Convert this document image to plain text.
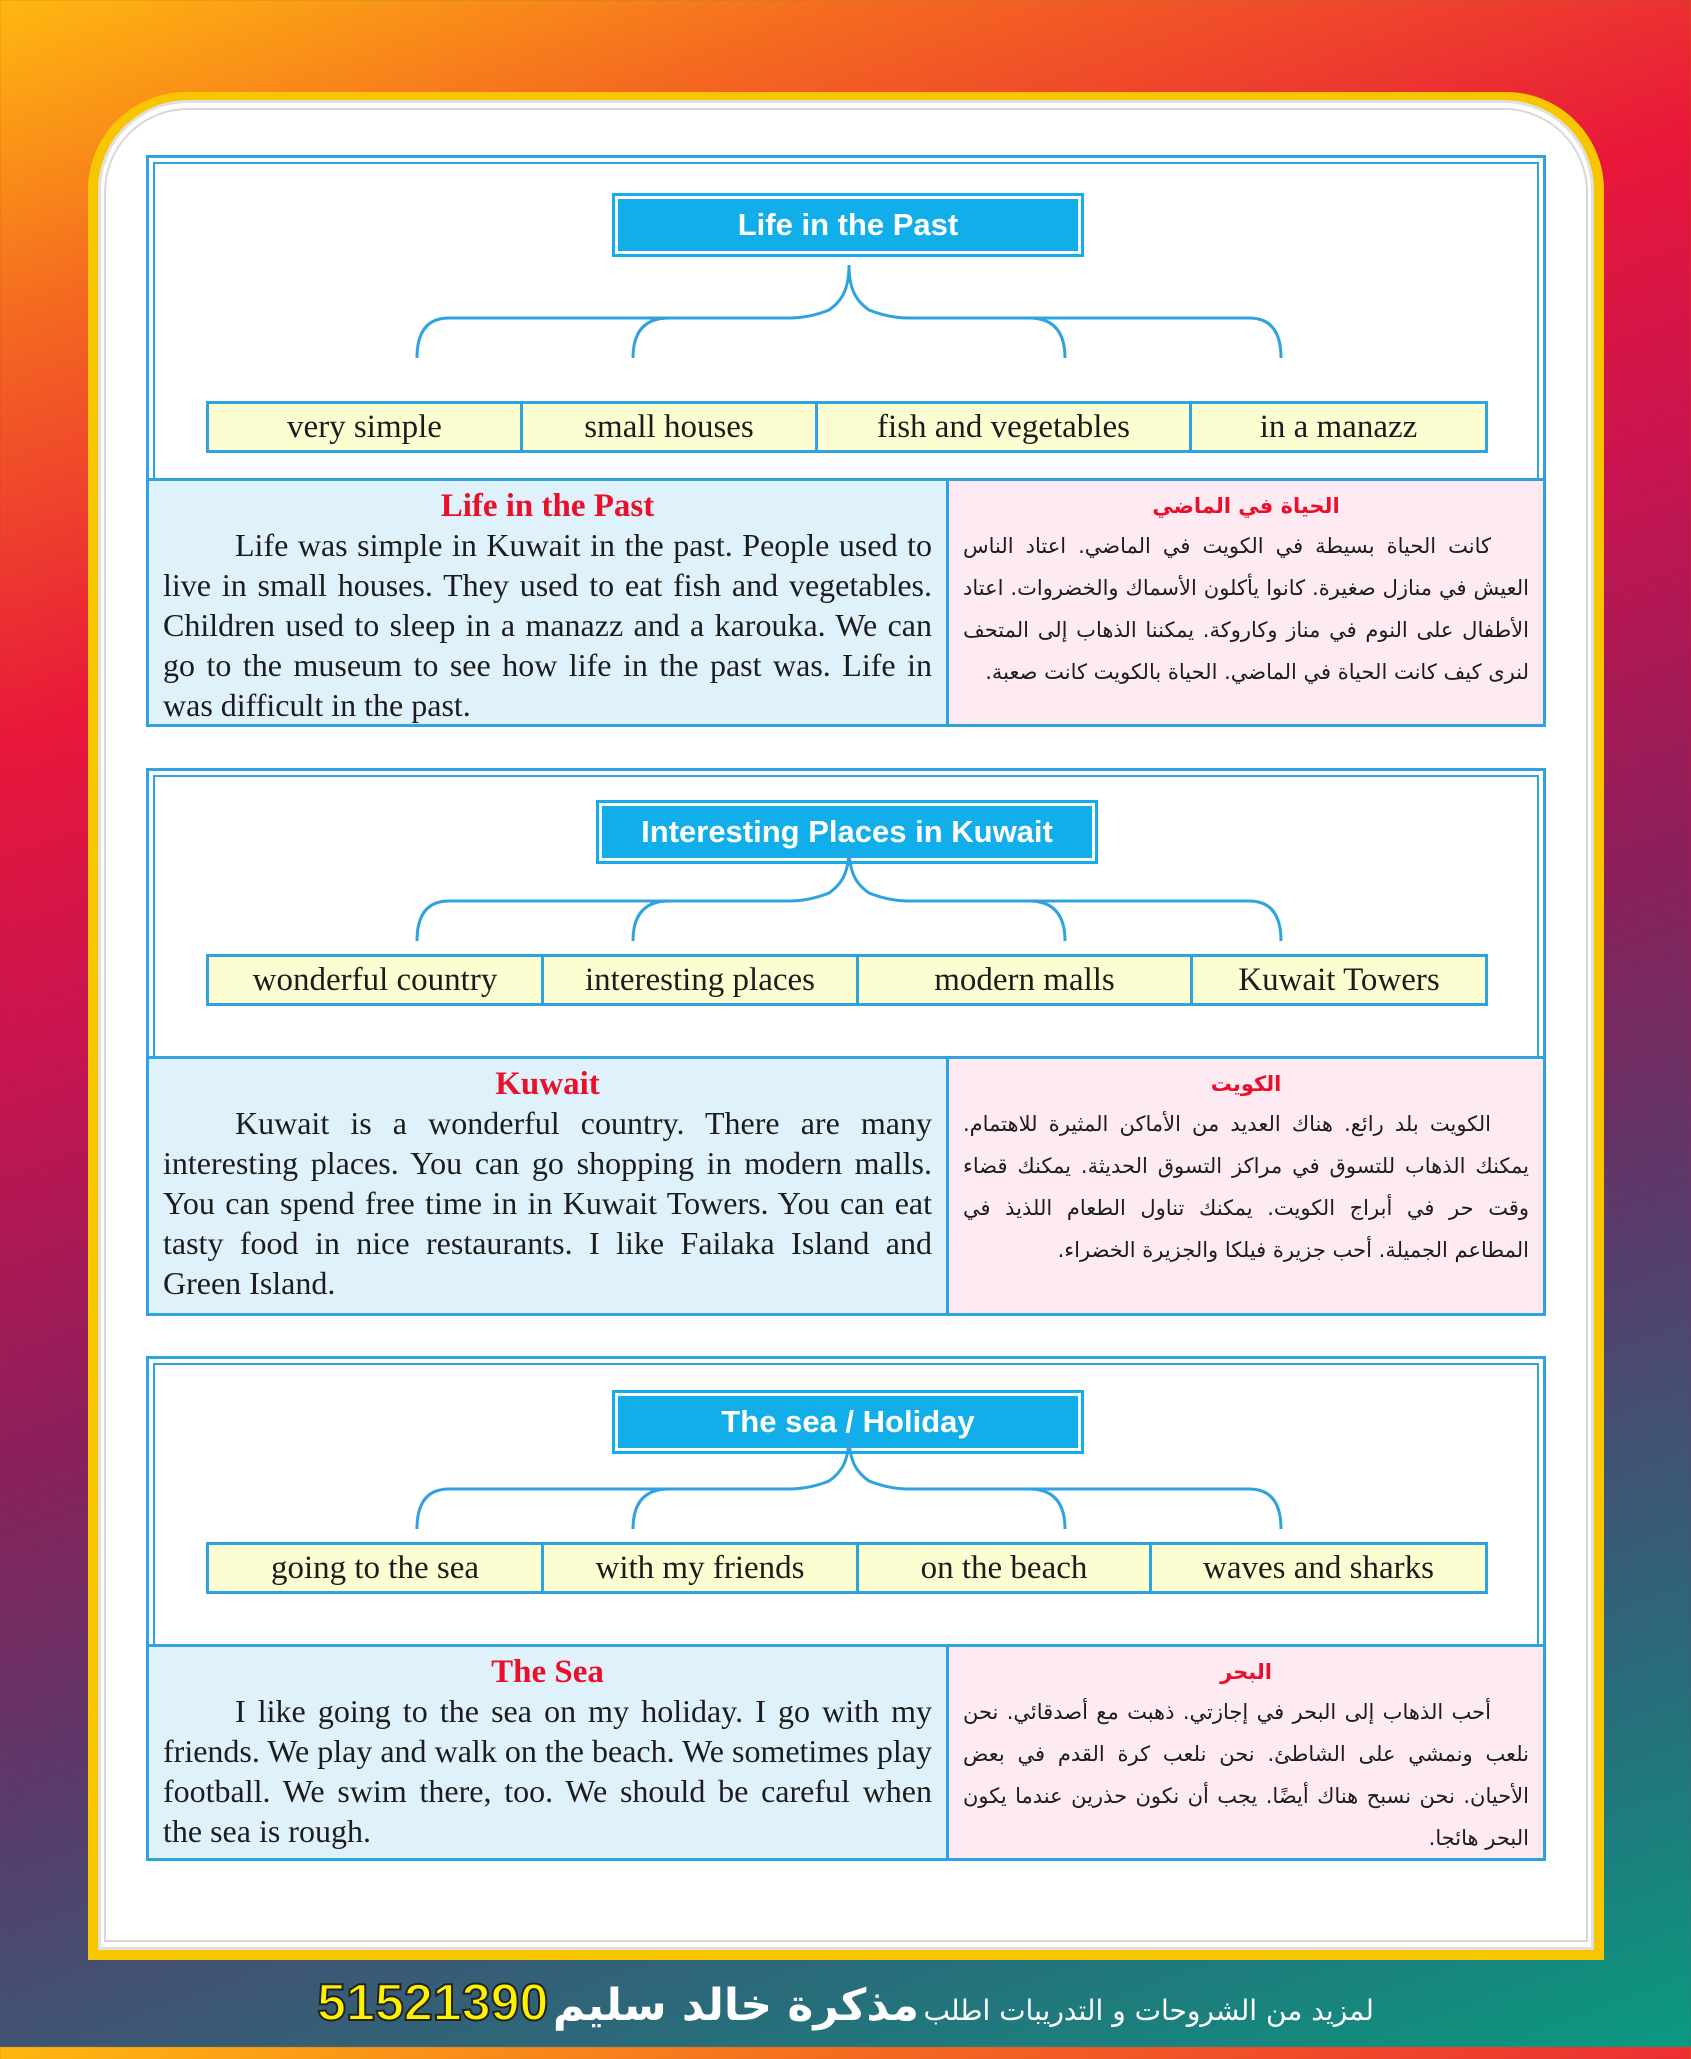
Life in the Past
very simple	small houses	fish and vegetables	in a manazz
Life in the Past
Life was simple in Kuwait in the past. People used to live in small houses. They used to eat fish and vegetables. Children used to sleep in a manazz and a karouka. We can go to the museum to see how life in the past was. Life in was difficult in the past.
الحياة في الماضي
كانت الحياة بسيطة في الكويت في الماضي. اعتاد الناس العيش في منازل صغيرة. كانوا يأكلون الأسماك والخضروات. اعتاد الأطفال على النوم في مناز وكاروكة. يمكننا الذهاب إلى المتحف لنرى كيف كانت الحياة في الماضي. الحياة بالكويت كانت صعبة.
Interesting Places in Kuwait
wonderful country	interesting places	modern malls	Kuwait Towers
Kuwait
Kuwait is a wonderful country. There are many interesting places. You can go shopping in modern malls. You can spend free time in in Kuwait Towers. You can eat tasty food in nice restaurants. I like Failaka Island and Green Island.
الكويت
الكويت بلد رائع. هناك العديد من الأماكن المثيرة للاهتمام. يمكنك الذهاب للتسوق في مراكز التسوق الحديثة. يمكنك قضاء وقت حر في أبراج الكويت. يمكنك تناول الطعام اللذيذ في المطاعم الجميلة. أحب جزيرة فيلكا والجزيرة الخضراء.
The sea / Holiday
going to the sea	with my friends	on the beach	waves and sharks
The Sea
I like going to the sea on my holiday. I go with my friends. We play and walk on the beach. We sometimes play football. We swim there, too. We should be careful when the sea is rough.
البحر
أحب الذهاب إلى البحر في إجازتي. ذهبت مع أصدقائي. نحن نلعب ونمشي على الشاطئ. نحن نلعب كرة القدم في بعض الأحيان. نحن نسبح هناك أيضًا. يجب أن نكون حذرين عندما يكون البحر هائجا.
لمزيد من الشروحات و التدريبات اطلب مذكرة خالد سليم 51521390
